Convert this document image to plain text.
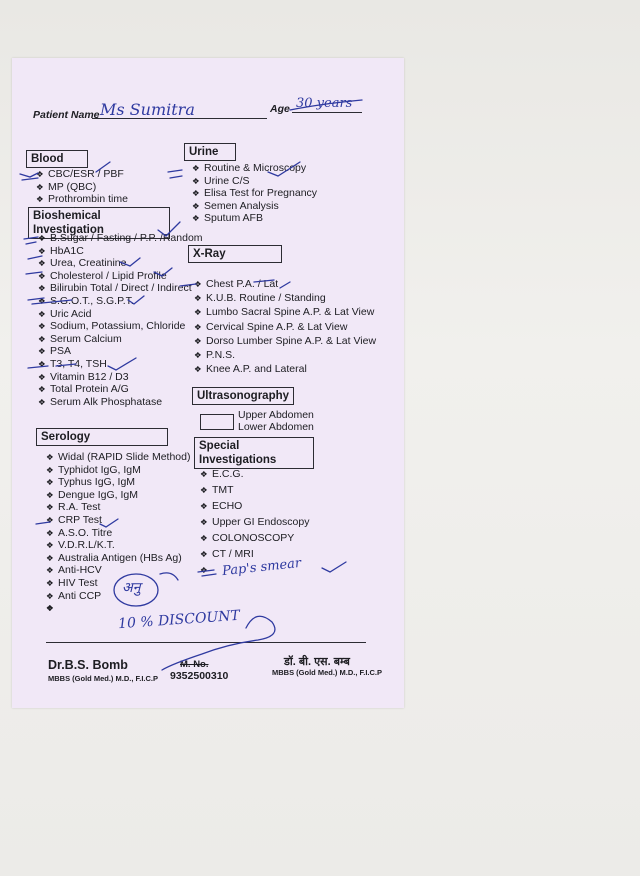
Patient Name Ms Sumitra	Age 30 years
Blood
❖ CBC/ESR / PBF
❖ MP (QBC)
❖ Prothrombin time
Bioshemical Investigation
❖ B.Sugar / Fasting / P.P. /Random
❖ HbA1C
❖ Urea, Creatinine
❖ Cholesterol / Lipid Profile
❖ Bilirubin Total / Direct / Indirect
❖ S.G.O.T., S.G.P.T.
❖ Uric Acid
❖ Sodium, Potassium, Chloride
❖ Serum Calcium
❖ PSA
❖ T3, T4, TSH
❖ Vitamin B12 / D3
❖ Total Protein A/G
❖ Serum Alk Phosphatase
Serology
❖ Widal (RAPID Slide Method)
❖ Typhidot IgG, IgM
❖ Typhus IgG, IgM
❖ Dengue IgG, IgM
❖ R.A. Test
❖ CRP Test
❖ A.S.O. Titre
❖ V.D.R.L/K.T.
❖ Australia Antigen (HBs Ag)
❖ Anti-HCV
❖ HIV Test
❖ Anti CCP
Urine
❖ Routine & Microscopy
❖ Urine C/S
❖ Elisa Test for Pregnancy
❖ Semen Analysis
❖ Sputum AFB
X-Ray
❖ Chest P.A. / Lat
❖ K.U.B. Routine / Standing
❖ Lumbo Sacral Spine A.P. & Lat View
❖ Cervical Spine A.P. & Lat View
❖ Dorso Lumber Spine A.P. & Lat View
❖ P.N.S.
❖ Knee A.P. and Lateral
Ultrasonography
Upper Abdomen
Lower Abdomen
Special Investigations
❖ E.C.G.
❖ TMT
❖ ECHO
❖ Upper GI Endoscopy
❖ COLONOSCOPY
❖ CT / MRI
Pap's smear
अनु
10 % DISCOUNT
Dr.B.S. Bomb
MBBS (Gold Med.) M.D., F.I.C.P
M. No.
9352500310
डॉ. बी. एस. बम्ब
MBBS (Gold Med.) M.D., F.I.C.P
